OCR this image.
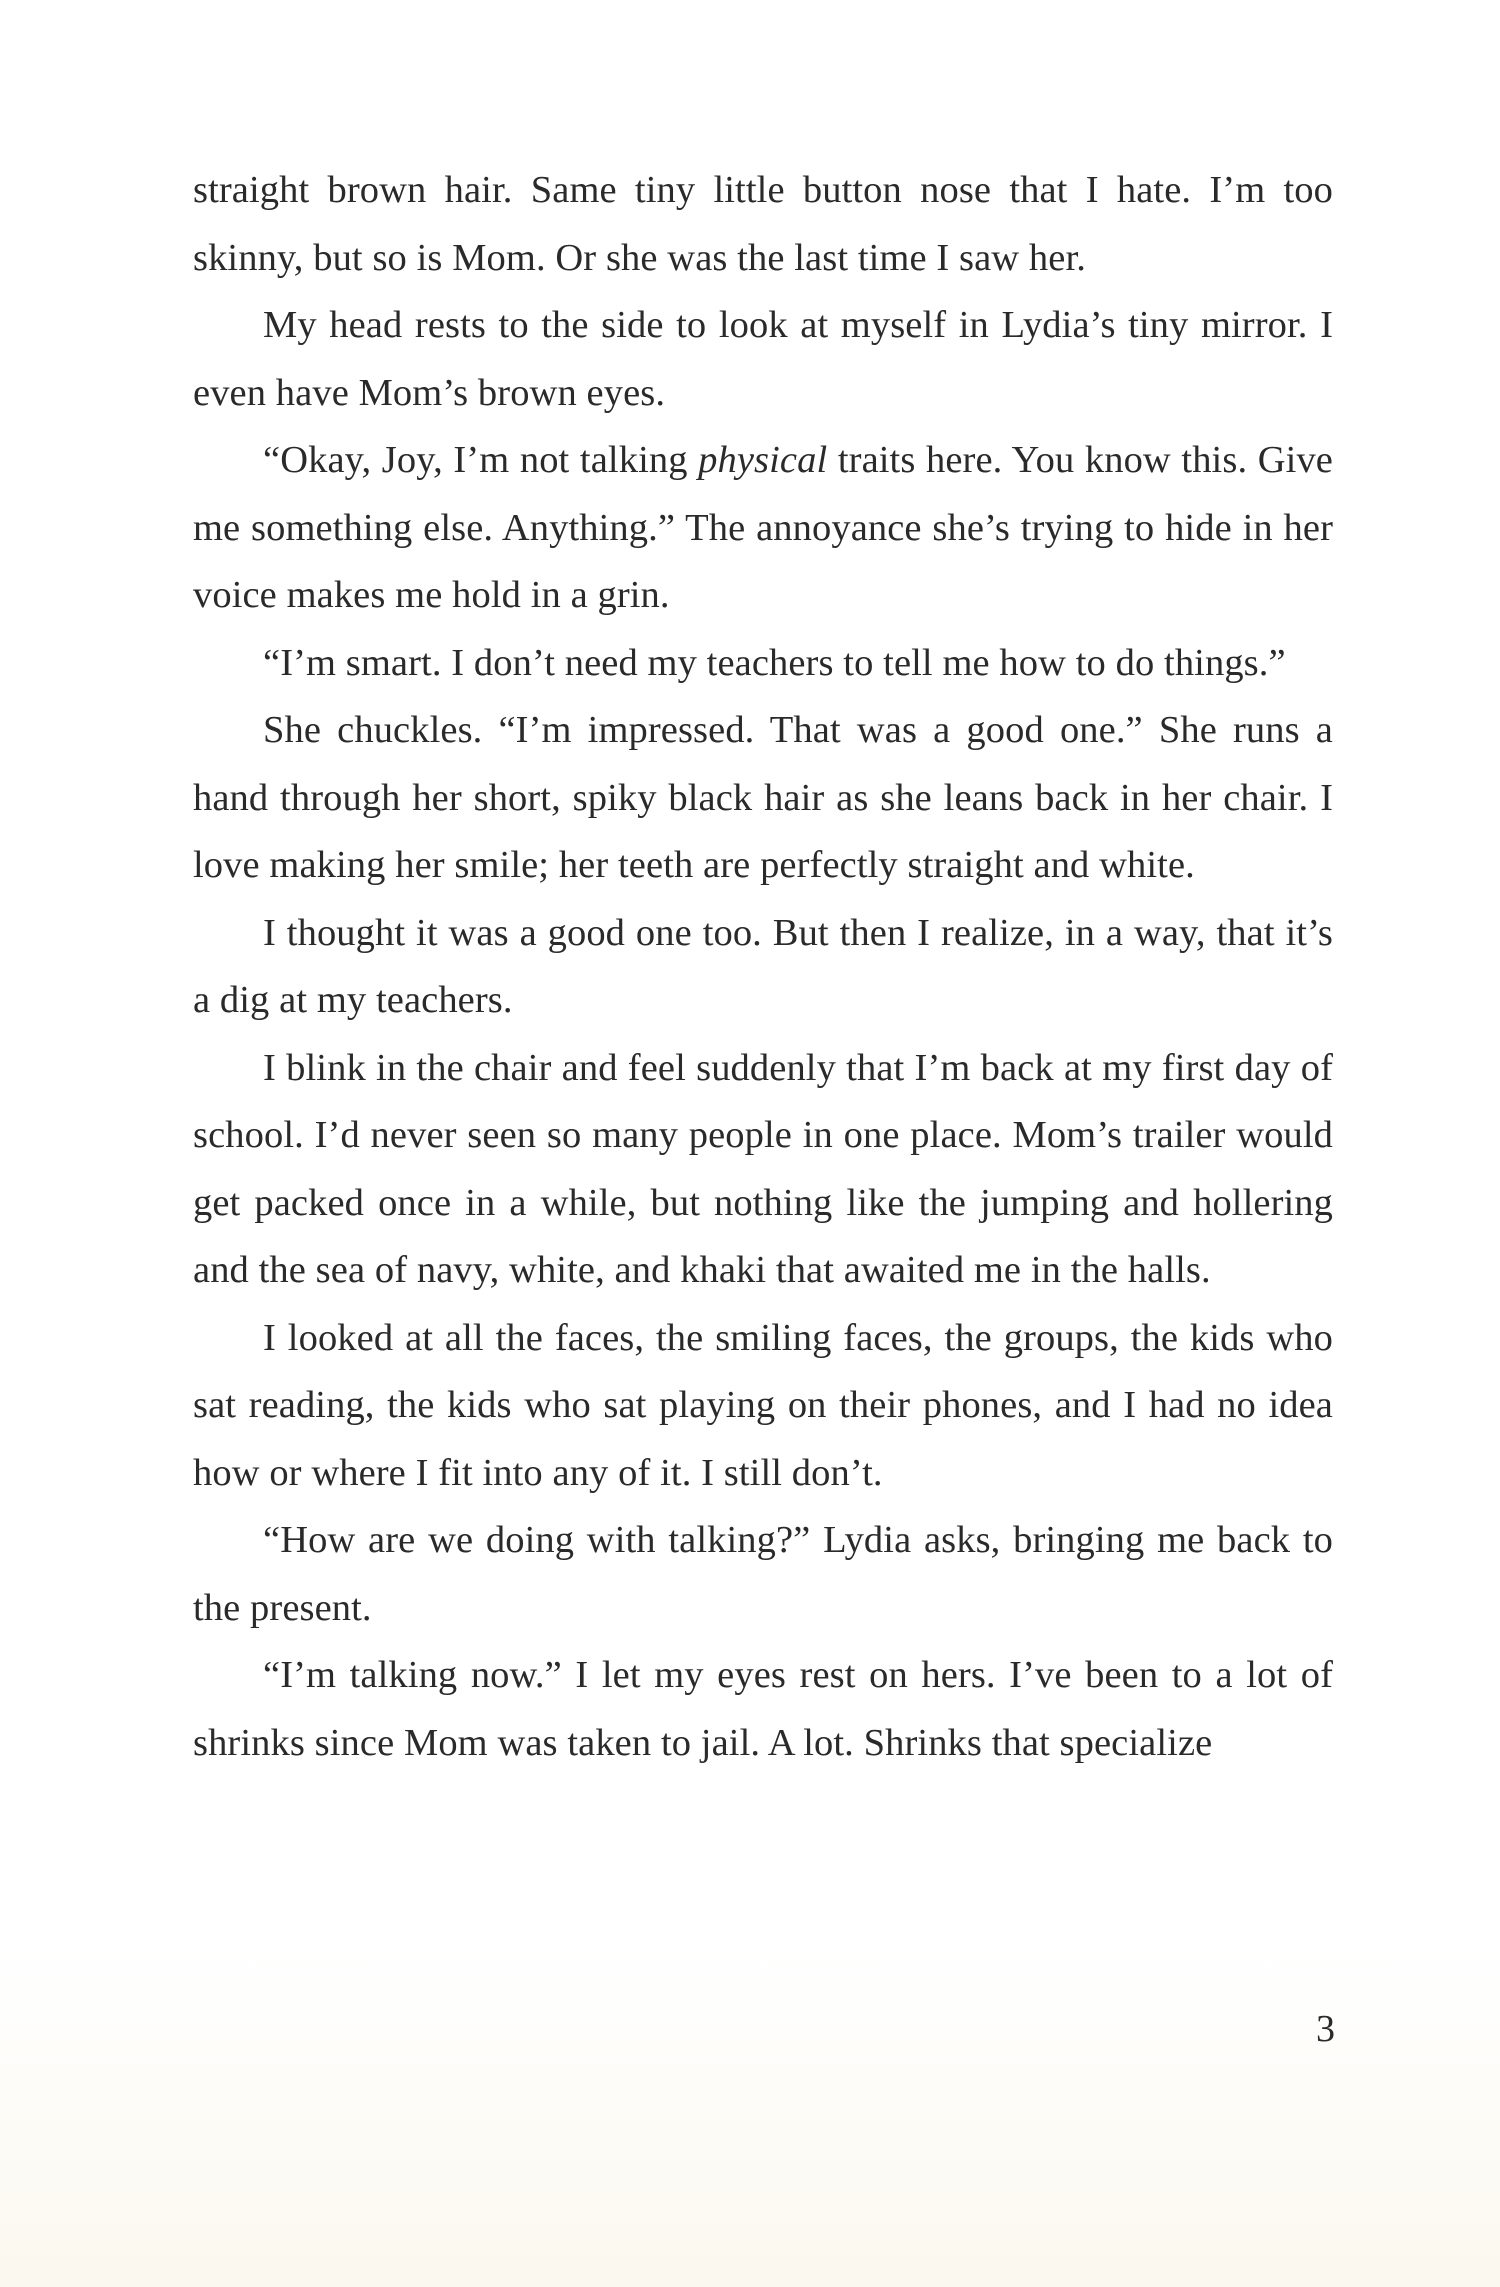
straight brown hair. Same tiny little button nose that I hate. I’m too skinny, but so is Mom. Or she was the last time I saw her.

My head rests to the side to look at myself in Lydia’s tiny mirror. I even have Mom’s brown eyes.

“Okay, Joy, I’m not talking physical traits here. You know this. Give me something else. Anything.” The annoyance she’s trying to hide in her voice makes me hold in a grin.

“I’m smart. I don’t need my teachers to tell me how to do things.”

She chuckles. “I’m impressed. That was a good one.” She runs a hand through her short, spiky black hair as she leans back in her chair. I love making her smile; her teeth are perfectly straight and white.

I thought it was a good one too. But then I realize, in a way, that it’s a dig at my teachers.

I blink in the chair and feel suddenly that I’m back at my first day of school. I’d never seen so many people in one place. Mom’s trailer would get packed once in a while, but nothing like the jumping and hollering and the sea of navy, white, and khaki that awaited me in the halls.

I looked at all the faces, the smiling faces, the groups, the kids who sat reading, the kids who sat playing on their phones, and I had no idea how or where I fit into any of it. I still don’t.

“How are we doing with talking?” Lydia asks, bringing me back to the present.

“I’m talking now.” I let my eyes rest on hers. I’ve been to a lot of shrinks since Mom was taken to jail. A lot. Shrinks that specialize

3
